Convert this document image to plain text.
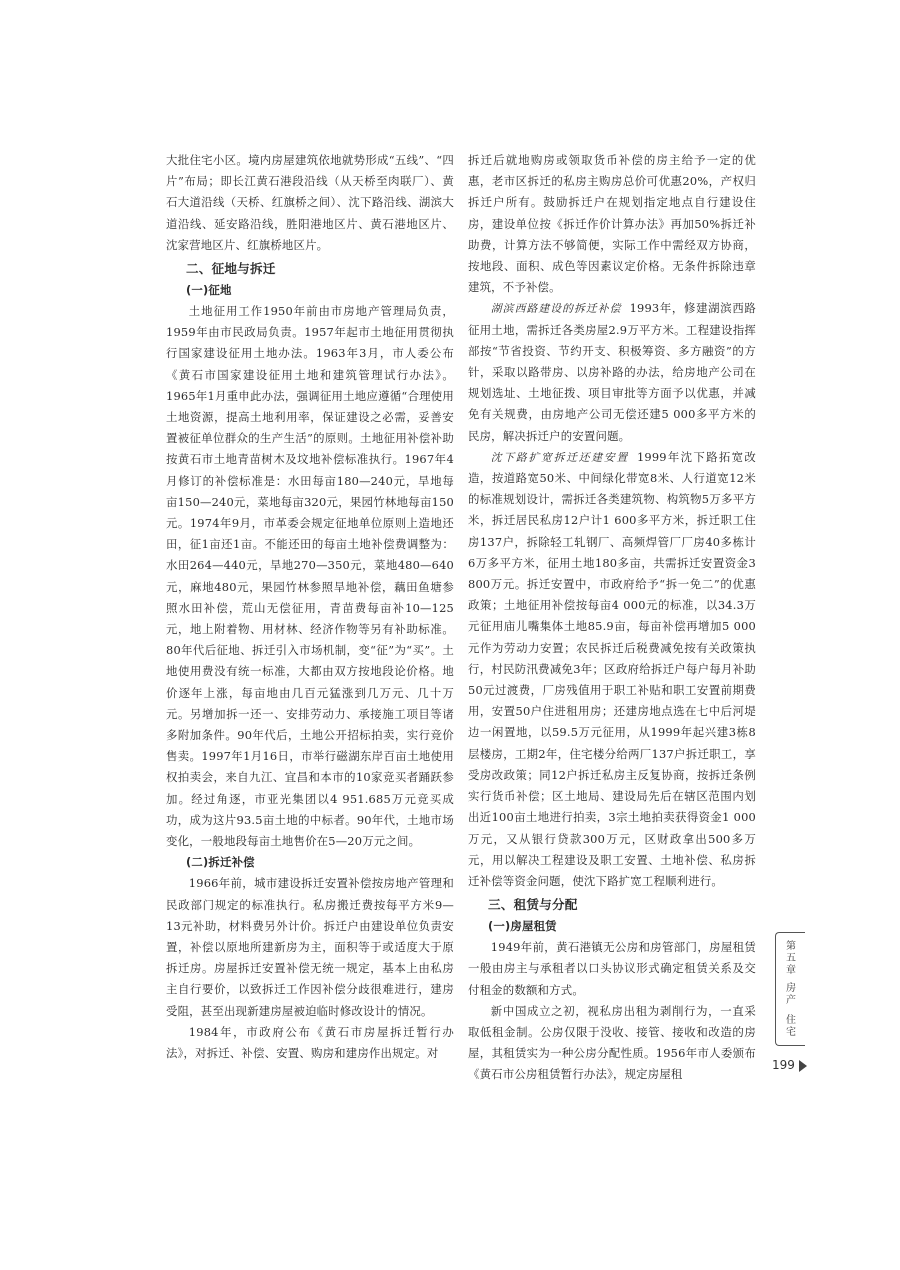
大批住宅小区。境内房屋建筑依地就势形成“五线”、“四片”布局；即长江黄石港段沿线（从天桥至肉联厂）、黄石大道沿线（天桥、红旗桥之间）、沈下路沿线、湖滨大道沿线、延安路沿线，胜阳港地区片、黄石港地区片、沈家营地区片、红旗桥地区片。

二、征地与拆迁
(一)征地

土地征用工作1950年前由市房地产管理局负责，1959年由市民政局负责。1957年起市土地征用贯彻执行国家建设征用土地办法。1963年3月，市人委公布《黄石市国家建设征用土地和建筑管理试行办法》。1965年1月重申此办法，强调征用土地应遵循“合理使用土地资源，提高土地利用率，保证建设之必需，妥善安置被征单位群众的生产生活”的原则。土地征用补偿补助按黄石市土地青苗树木及坟地补偿标准执行。1967年4月修订的补偿标准是：水田每亩180—240元，旱地每亩150—240元，菜地每亩320元，果园竹林地每亩150元。1974年9月，市革委会规定征地单位原则上造地还田，征1亩还1亩。不能还田的每亩土地补偿费调整为：水田264—440元，旱地270—350元，菜地480—640元，麻地480元，果园竹林参照旱地补偿，藕田鱼塘参照水田补偿，荒山无偿征用，青苗费每亩补10—125元，地上附着物、用材林、经济作物等另有补助标准。80年代后征地、拆迁引入市场机制，变“征”为“买”。土地使用费没有统一标准，大都由双方按地段论价格。地价逐年上涨，每亩地由几百元猛涨到几万元、几十万元。另增加拆一还一、安排劳动力、承接施工项目等诸多附加条件。90年代后，土地公开招标拍卖，实行竞价售卖。1997年1月16日，市举行磁湖东岸百亩土地使用权拍卖会，来自九江、宜昌和本市的10家竞买者踊跃参加。经过角逐，市亚光集团以4 951.685万元竞买成功，成为这片93.5亩土地的中标者。90年代，土地市场变化，一般地段每亩土地售价在5—20万元之间。

(二)拆迁补偿

1966年前，城市建设拆迁安置补偿按房地产管理和民政部门规定的标准执行。私房搬迁费按每平方米9—13元补助，材料费另外计价。拆迁户由建设单位负责安置，补偿以原地所建新房为主，面积等于或适度大于原拆迁房。房屋拆迁安置补偿无统一规定，基本上由私房主自行要价，以致拆迁工作因补偿分歧很难进行，建房受阻，甚至出现新建房屋被迫临时修改设计的情况。

1984年，市政府公布《黄石市房屋拆迁暂行办法》，对拆迁、补偿、安置、购房和建房作出规定。对

拆迁后就地购房或领取货币补偿的房主给予一定的优惠，老市区拆迁的私房主购房总价可优惠20%，产权归拆迁户所有。鼓励拆迁户在规划指定地点自行建设住房，建设单位按《拆迁作价计算办法》再加50%拆迁补助费，计算方法不够简便，实际工作中需经双方协商，按地段、面积、成色等因素议定价格。无条件拆除违章建筑，不予补偿。

湖滨西路建设的拆迁补偿 1993年，修建湖滨西路征用土地，需拆迁各类房屋2.9万平方米。工程建设指挥部按“节省投资、节约开支、积极筹资、多方融资”的方针，采取以路带房、以房补路的办法，给房地产公司在规划选址、土地征拨、项目审批等方面予以优惠，并减免有关规费，由房地产公司无偿还建5 000多平方米的民房，解决拆迁户的安置问题。

沈下路扩宽拆迁还建安置 1999年沈下路拓宽改造，按道路宽50米、中间绿化带宽8米、人行道宽12米的标准规划设计，需拆迁各类建筑物、构筑物5万多平方米，拆迁居民私房12户计1 600多平方米，拆迁职工住房137户，拆除轻工轧钢厂、高频焊管厂厂房40多栋计6万多平方米，征用土地180多亩，共需拆迁安置资金3 800万元。拆迁安置中，市政府给予“拆一免二”的优惠政策；土地征用补偿按每亩4 000元的标准，以34.3万元征用庙儿嘴集体土地85.9亩，每亩补偿再增加5 000元作为劳动力安置；农民拆迁后税费减免按有关政策执行，村民防汛费减免3年；区政府给拆迁户每户每月补助50元过渡费，厂房残值用于职工补贴和职工安置前期费用，安置50户住进租用房；还建房地点选在七中后河堤边一闲置地，以59.5万元征用，从1999年起兴建3栋8层楼房，工期2年，住宅楼分给两厂137户拆迁职工，享受房改政策；同12户拆迁私房主反复协商，按拆迁条例实行货币补偿；区土地局、建设局先后在辖区范围内划出近100亩土地进行拍卖，3宗土地拍卖获得资金1 000万元，又从银行贷款300万元，区财政拿出500多万元，用以解决工程建设及职工安置、土地补偿、私房拆迁补偿等资金问题，使沈下路扩宽工程顺利进行。

三、租赁与分配
(一)房屋租赁

1949年前，黄石港镇无公房和房管部门，房屋租赁一般由房主与承租者以口头协议形式确定租赁关系及交付租金的数额和方式。

新中国成立之初，视私房出租为剥削行为，一直采取低租金制。公房仅限于没收、接管、接收和改造的房屋，其租赁实为一种公房分配性质。1956年市人委颁布《黄石市公房租赁暂行办法》，规定房屋租

第
五
章
房
产
住
宅
199
